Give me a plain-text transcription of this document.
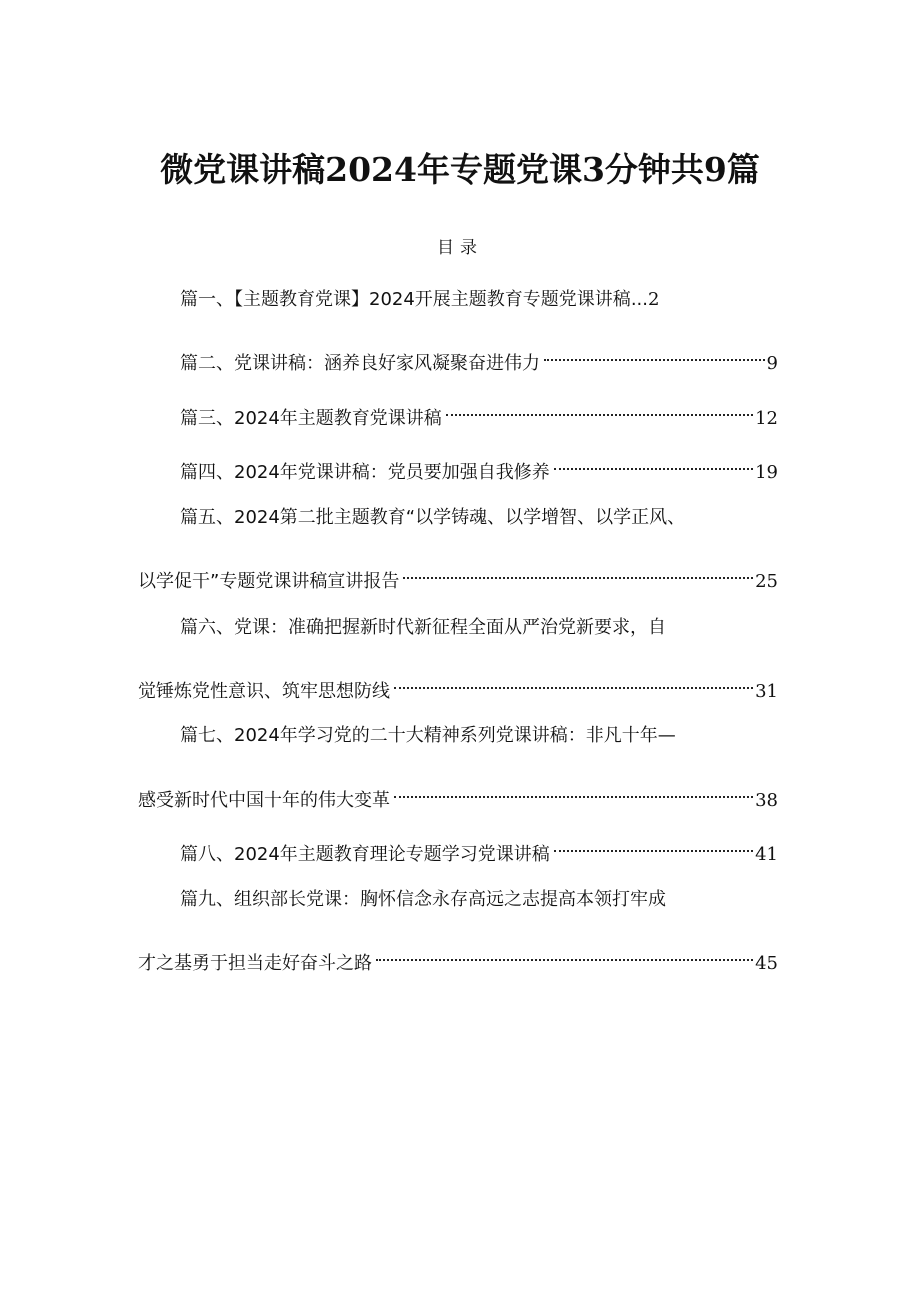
微党课讲稿2024年专题党课3分钟共9篇
目录
篇一、【主题教育党课】2024开展主题教育专题党课讲稿...2
篇二、党课讲稿：涵养良好家风凝聚奋进伟力	9
篇三、2024年主题教育党课讲稿	12
篇四、2024年党课讲稿：党员要加强自我修养	19
篇五、2024第二批主题教育“以学铸魂、以学增智、以学正风、
以学促干”专题党课讲稿宣讲报告	25
篇六、党课：准确把握新时代新征程全面从严治党新要求，自
觉锤炼党性意识、筑牢思想防线	31
篇七、2024年学习党的二十大精神系列党课讲稿：非凡十年—
感受新时代中国十年的伟大变革	38
篇八、2024年主题教育理论专题学习党课讲稿	41
篇九、组织部长党课：胸怀信念永存高远之志提高本领打牢成
才之基勇于担当走好奋斗之路	45
